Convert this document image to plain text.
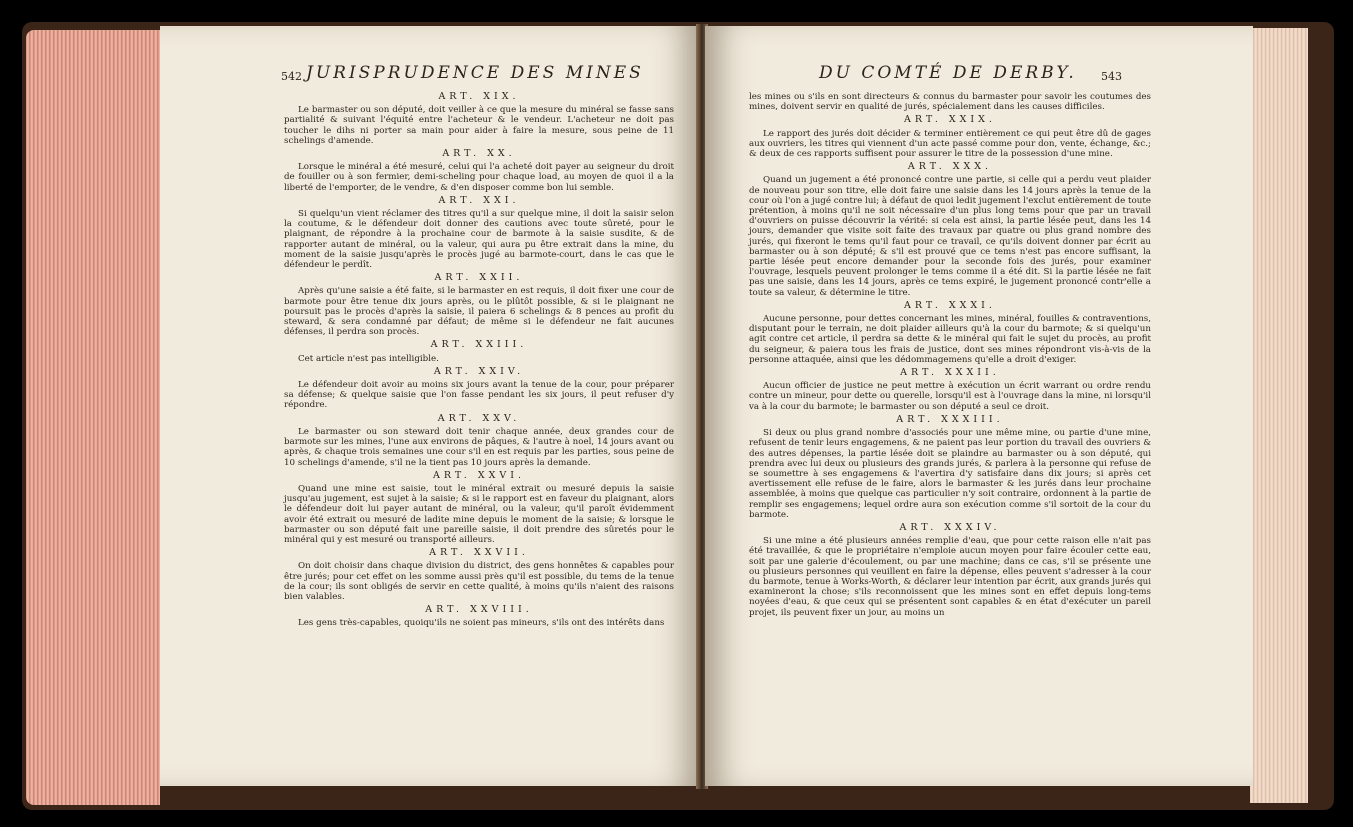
542 JURISPRUDENCE DES MINES
ART. XIX.

Le barmaster ou son député, doit veiller à ce que la mesure du minéral se fasse sans partialité & suivant l'équité entre l'acheteur & le vendeur. L'acheteur ne doit pas toucher le dihs ni porter sa main pour aider à faire la mesure, sous peine de 11 schelings d'amende.

ART. XX.

Lorsque le minéral a été mesuré, celui qui l'a acheté doit payer au seigneur du droit de fouiller ou à son fermier, demi-scheling pour chaque load, au moyen de quoi il a la liberté de l'emporter, de le vendre, & d'en disposer comme bon lui semble.

ART. XXI.

Si quelqu'un vient réclamer des titres qu'il a sur quelque mine, il doit la saisir selon la coutume, & le défendeur doit donner des cautions avec toute sûreté, pour le plaignant, de répondre à la prochaine cour de barmote à la saisie susdite, & de rapporter autant de minéral, ou la valeur, qui aura pu être extrait dans la mine, du moment de la saisie jusqu'après le procès jugé au barmote-court, dans le cas que le défendeur le perdît.

ART. XXII.

Après qu'une saisie a été faite, si le barmaster en est requis, il doit fixer une cour de barmote pour être tenue dix jours après, ou le plûtôt possible, & si le plaignant ne poursuit pas le procès d'après la saisie, il paiera 6 schelings & 8 pences au profit du steward, & sera condamné par défaut; de même si le défendeur ne fait aucunes défenses, il perdra son procès.

ART. XXIII.

Cet article n'est pas intelligible.

ART. XXIV.

Le défendeur doit avoir au moins six jours avant la tenue de la cour, pour préparer sa défense; & quelque saisie que l'on fasse pendant les six jours, il peut refuser d'y répondre.

ART. XXV.

Le barmaster ou son steward doit tenir chaque année, deux grandes cour de barmote sur les mines, l'une aux environs de pâques, & l'autre à noel, 14 jours avant ou après, & chaque trois semaines une cour s'il en est requis par les parties, sous peine de 10 schelings d'amende, s'il ne la tient pas 10 jours après la demande.

ART. XXVI.

Quand une mine est saisie, tout le minéral extrait ou mesuré depuis la saisie jusqu'au jugement, est sujet à la saisie; & si le rapport est en faveur du plaignant, alors le défendeur doit lui payer autant de minéral, ou la valeur, qu'il paroît évidemment avoir été extrait ou mesuré de ladite mine depuis le moment de la saisie; & lorsque le barmaster ou son député fait une pareille saisie, il doit prendre des sûretés pour le minéral qui y est mesuré ou transporté ailleurs.

ART. XXVII.

On doit choisir dans chaque division du district, des gens honnêtes & capables pour être jurés; pour cet effet on les somme aussi près qu'il est possible, du tems de la tenue de la cour; ils sont obligés de servir en cette qualité, à moins qu'ils n'aient des raisons bien valables.

ART. XXVIII.

Les gens très-capables, quoiqu'ils ne soient pas mineurs, s'ils ont des intérêts dans

DU COMTÉ DE DERBY. 543

les mines ou s'ils en sont directeurs & connus du barmaster pour savoir les coutumes des mines, doivent servir en qualité de jurés, spécialement dans les causes difficiles.

ART. XXIX.

Le rapport des jurés doit décider & terminer entièrement ce qui peut être dû de gages aux ouvriers, les titres qui viennent d'un acte passé comme pour don, vente, échange, &c.; & deux de ces rapports suffisent pour assurer le titre de la possession d'une mine.

ART. XXX.

Quand un jugement a été prononcé contre une partie, si celle qui a perdu veut plaider de nouveau pour son titre, elle doit faire une saisie dans les 14 jours après la tenue de la cour où l'on a jugé contre lui; à défaut de quoi ledit jugement l'exclut entièrement de toute prétention, à moins qu'il ne soit nécessaire d'un plus long tems pour que par un travail d'ouvriers on puisse découvrir la vérité: si cela est ainsi, la partie lésée peut, dans les 14 jours, demander que visite soit faite des travaux par quatre ou plus grand nombre des jurés, qui fixeront le tems qu'il faut pour ce travail, ce qu'ils doivent donner par écrit au barmaster ou à son député; & s'il est prouvé que ce tems n'est pas encore suffisant, la partie lésée peut encore demander pour la seconde fois des jurés, pour examiner l'ouvrage, lesquels peuvent prolonger le tems comme il a été dit. Si la partie lésée ne fait pas une saisie, dans les 14 jours, après ce tems expiré, le jugement prononcé contr'elle a toute sa valeur, & détermine le titre.

ART. XXXI.

Aucune personne, pour dettes concernant les mines, minéral, fouilles & contraventions, disputant pour le terrain, ne doit plaider ailleurs qu'à la cour du barmote; & si quelqu'un agit contre cet article, il perdra sa dette & le minéral qui fait le sujet du procès, au profit du seigneur, & paiera tous les frais de justice, dont ses mines répondront vis-à-vis de la personne attaquée, ainsi que les dédommagemens qu'elle a droit d'exiger.

ART. XXXII.

Aucun officier de justice ne peut mettre à exécution un écrit warrant ou ordre rendu contre un mineur, pour dette ou querelle, lorsqu'il est à l'ouvrage dans la mine, ni lorsqu'il va à la cour du barmote; le barmaster ou son député a seul ce droit.

ART. XXXIII.

Si deux ou plus grand nombre d'associés pour une même mine, ou partie d'une mine, refusent de tenir leurs engagemens, & ne paient pas leur portion du travail des ouvriers & des autres dépenses, la partie lésée doit se plaindre au barmaster ou à son député, qui prendra avec lui deux ou plusieurs des grands jurés, & parlera à la personne qui refuse de se soumettre à ses engagemens & l'avertira d'y satisfaire dans dix jours; si après cet avertissement elle refuse de le faire, alors le barmaster & les jurés dans leur prochaine assemblée, à moins que quelque cas particulier n'y soit contraire, ordonnent à la partie de remplir ses engagemens; lequel ordre aura son exécution comme s'il sortoit de la cour du barmote.

ART. XXXIV.

Si une mine a été plusieurs années remplie d'eau, que pour cette raison elle n'ait pas été travaillée, & que le propriétaire n'emploie aucun moyen pour faire écouler cette eau, soit par une galerie d'écoulement, ou par une machine; dans ce cas, s'il se présente une ou plusieurs personnes qui veuillent en faire la dépense, elles peuvent s'adresser à la cour du barmote, tenue à Works-Worth, & déclarer leur intention par écrit, aux grands jurés qui examineront la chose; s'ils reconnoissent que les mines sont en effet depuis long-tems noyées d'eau, & que ceux qui se présentent sont capables & en état d'exécuter un pareil projet, ils peuvent fixer un jour, au moins un
